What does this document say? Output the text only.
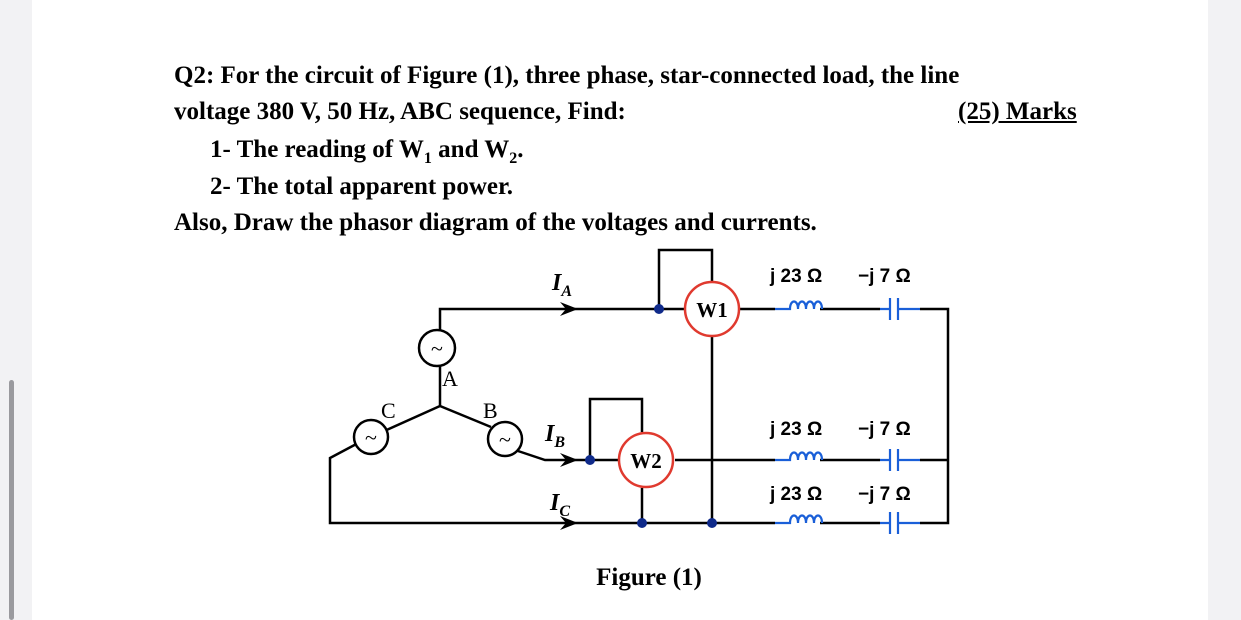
Q2: For the circuit of Figure (1), three phase, star-connected load, the line
voltage 380 V, 50 Hz, ABC sequence, Find:	(25) Marks
1- The reading of $W_1$ and $W_2$.
2- The total apparent power.
Also, Draw the phasor diagram of the voltages and currents.
~
A
~
C
~
B
$I_A$
$I_B$
$I_C$
W1
W2
j 23 Ω −j 7 Ω
j 23 Ω −j 7 Ω
j 23 Ω −j 7 Ω
Figure (1)
